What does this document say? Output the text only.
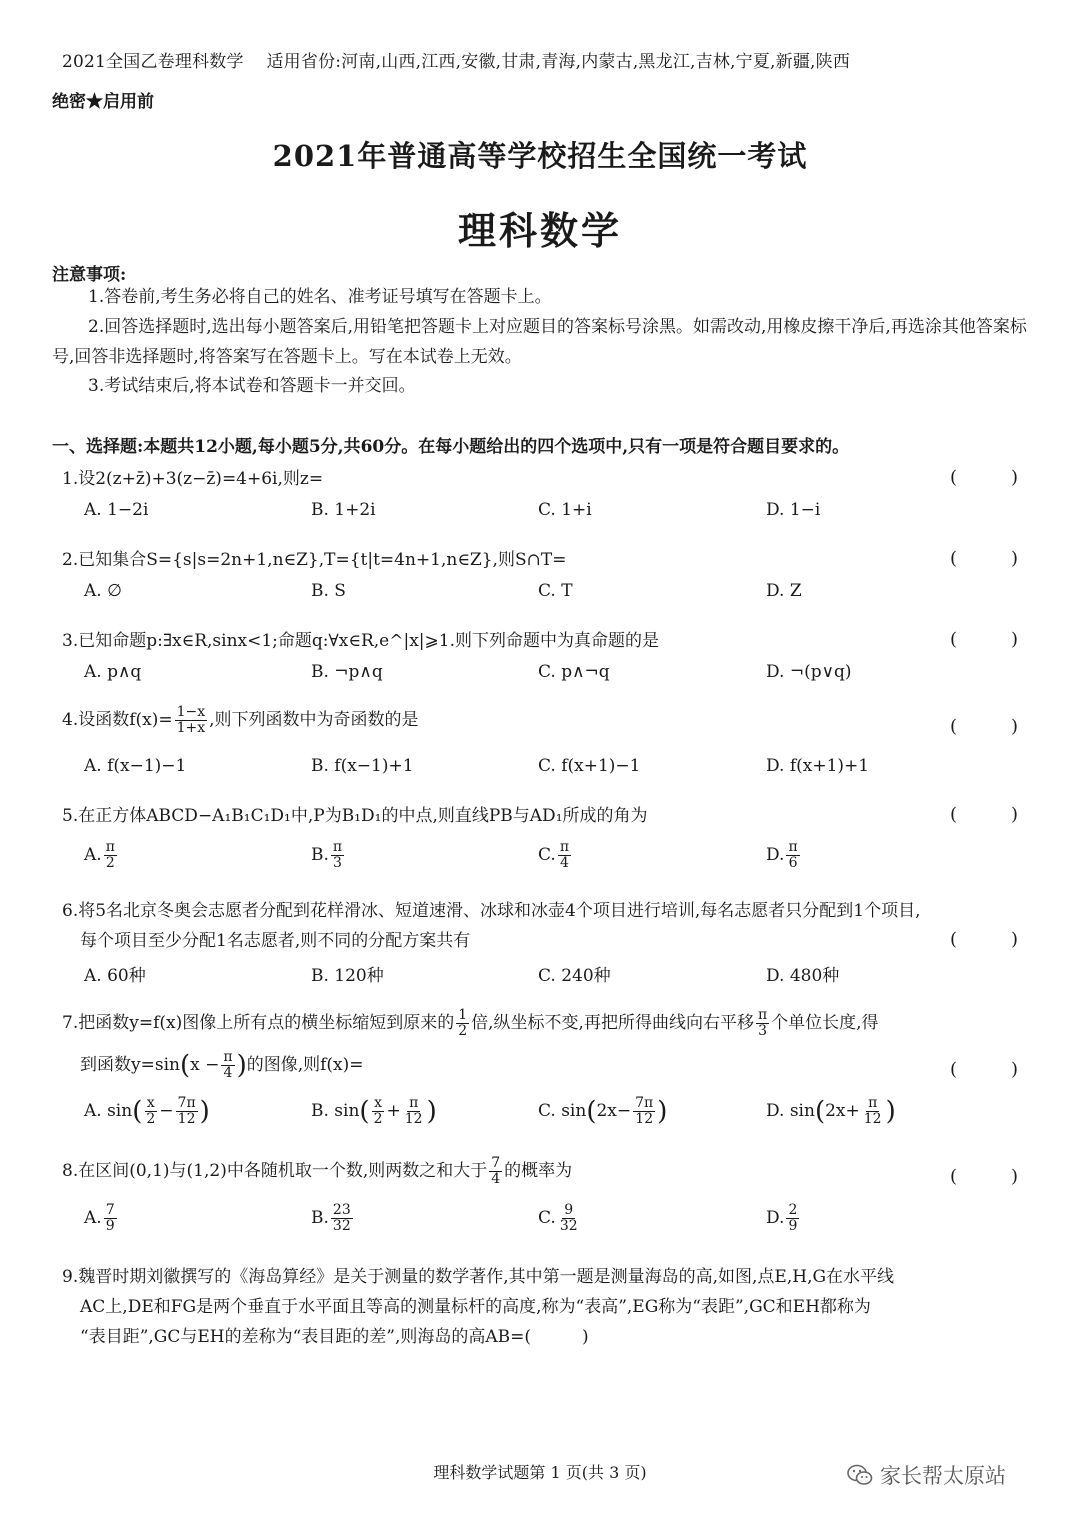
2021全国乙卷理科数学　 适用省份:河南,山西,江西,安徽,甘肃,青海,内蒙古,黑龙江,吉林,宁夏,新疆,陕西
绝密★启用前
2021年普通高等学校招生全国统一考试
理科数学
注意事项:
1.答卷前,考生务必将自己的姓名、准考证号填写在答题卡上。
2.回答选择题时,选出每小题答案后,用铅笔把答题卡上对应题目的答案标号涂黑。如需改动,用橡皮擦干净后,再选涂其他答案标号,回答非选择题时,将答案写在答题卡上。写在本试卷上无效。
3.考试结束后,将本试卷和答题卡一并交回。
一、选择题:本题共12小题,每小题5分,共60分。在每小题给出的四个选项中,只有一项是符合题目要求的。
1.设2(z+z̄)+3(z−z̄)=4+6i,则z=	(　　　)
A. 1−2i	B. 1+2i	C. 1+i	D. 1−i
2.已知集合S={s|s=2n+1,n∈Z},T={t|t=4n+1,n∈Z},则S∩T=	(　　　)
A. ∅	B. S	C. T	D. Z
3.已知命题p:∃x∈R,sinx<1;命题q:∀x∈R,e^|x|⩾1.则下列命题中为真命题的是	(　　　)
A. p∧q	B. ¬p∧q	C. p∧¬q	D. ¬(p∨q)
4.设函数$f(x)= \frac{1-x}{1+x}$ ,则下列函数中为奇函数的是	(　　　)
A. f(x−1)−1	B. f(x−1)+1	C. f(x+1)−1	D. f(x+1)+1
5.在正方体ABCD−A₁B₁C₁D₁中,P为B₁D₁的中点,则直线PB与AD₁所成的角为	(　　　)
A. $\frac{\pi}{2}$	B. $\frac{\pi}{3}$	C. $\frac{\pi}{4}$	D. $\frac{\pi}{6}$
6.将5名北京冬奥会志愿者分配到花样滑冰、短道速滑、冰球和冰壶4个项目进行培训,每名志愿者只分配到1个项目,
每个项目至少分配1名志愿者,则不同的分配方案共有	(　　　)
A. 60种	B. 120种	C. 240种	D. 480种
7.把函数y=f(x)图像上所有点的横坐标缩短到原来的 $\frac{1}{2}$ 倍,纵坐标不变,再把所得曲线向右平移 $\frac{\pi}{3}$ 个单位长度,得
到函数$y=\sin(x - \frac{\pi}{4}$ )的图像,则f(x)=	(　　　)
A. $\sin( \frac{x}{2} - \frac{7\pi}{12}$ )	B. $\sin( \frac{x}{2} + \frac{\pi}{12}$ )	C. $\sin(2x- \frac{7\pi}{12}$ )	D. $\sin(2x+ \frac{\pi}{12}$ )
8.在区间(0,1)与(1,2)中各随机取一个数,则两数之和大于 $\frac{7}{4}$ 的概率为	(　　　)
A. $\frac{7}{9}$	B. $\frac{23}{32}$	C. $\frac{9}{32}$	D. $\frac{2}{9}$
9.魏晋时期刘徽撰写的《海岛算经》是关于测量的数学著作,其中第一题是测量海岛的高,如图,点E,H,G在水平线
AC上,DE和FG是两个垂直于水平面且等高的测量标杆的高度,称为“表高”,EG称为“表距”,GC和EH都称为
“表目距”,GC与EH的差称为“表目距的差”,则海岛的高AB=(　　　)
理科数学试题第 1 页(共 3 页)	家长帮太原站
